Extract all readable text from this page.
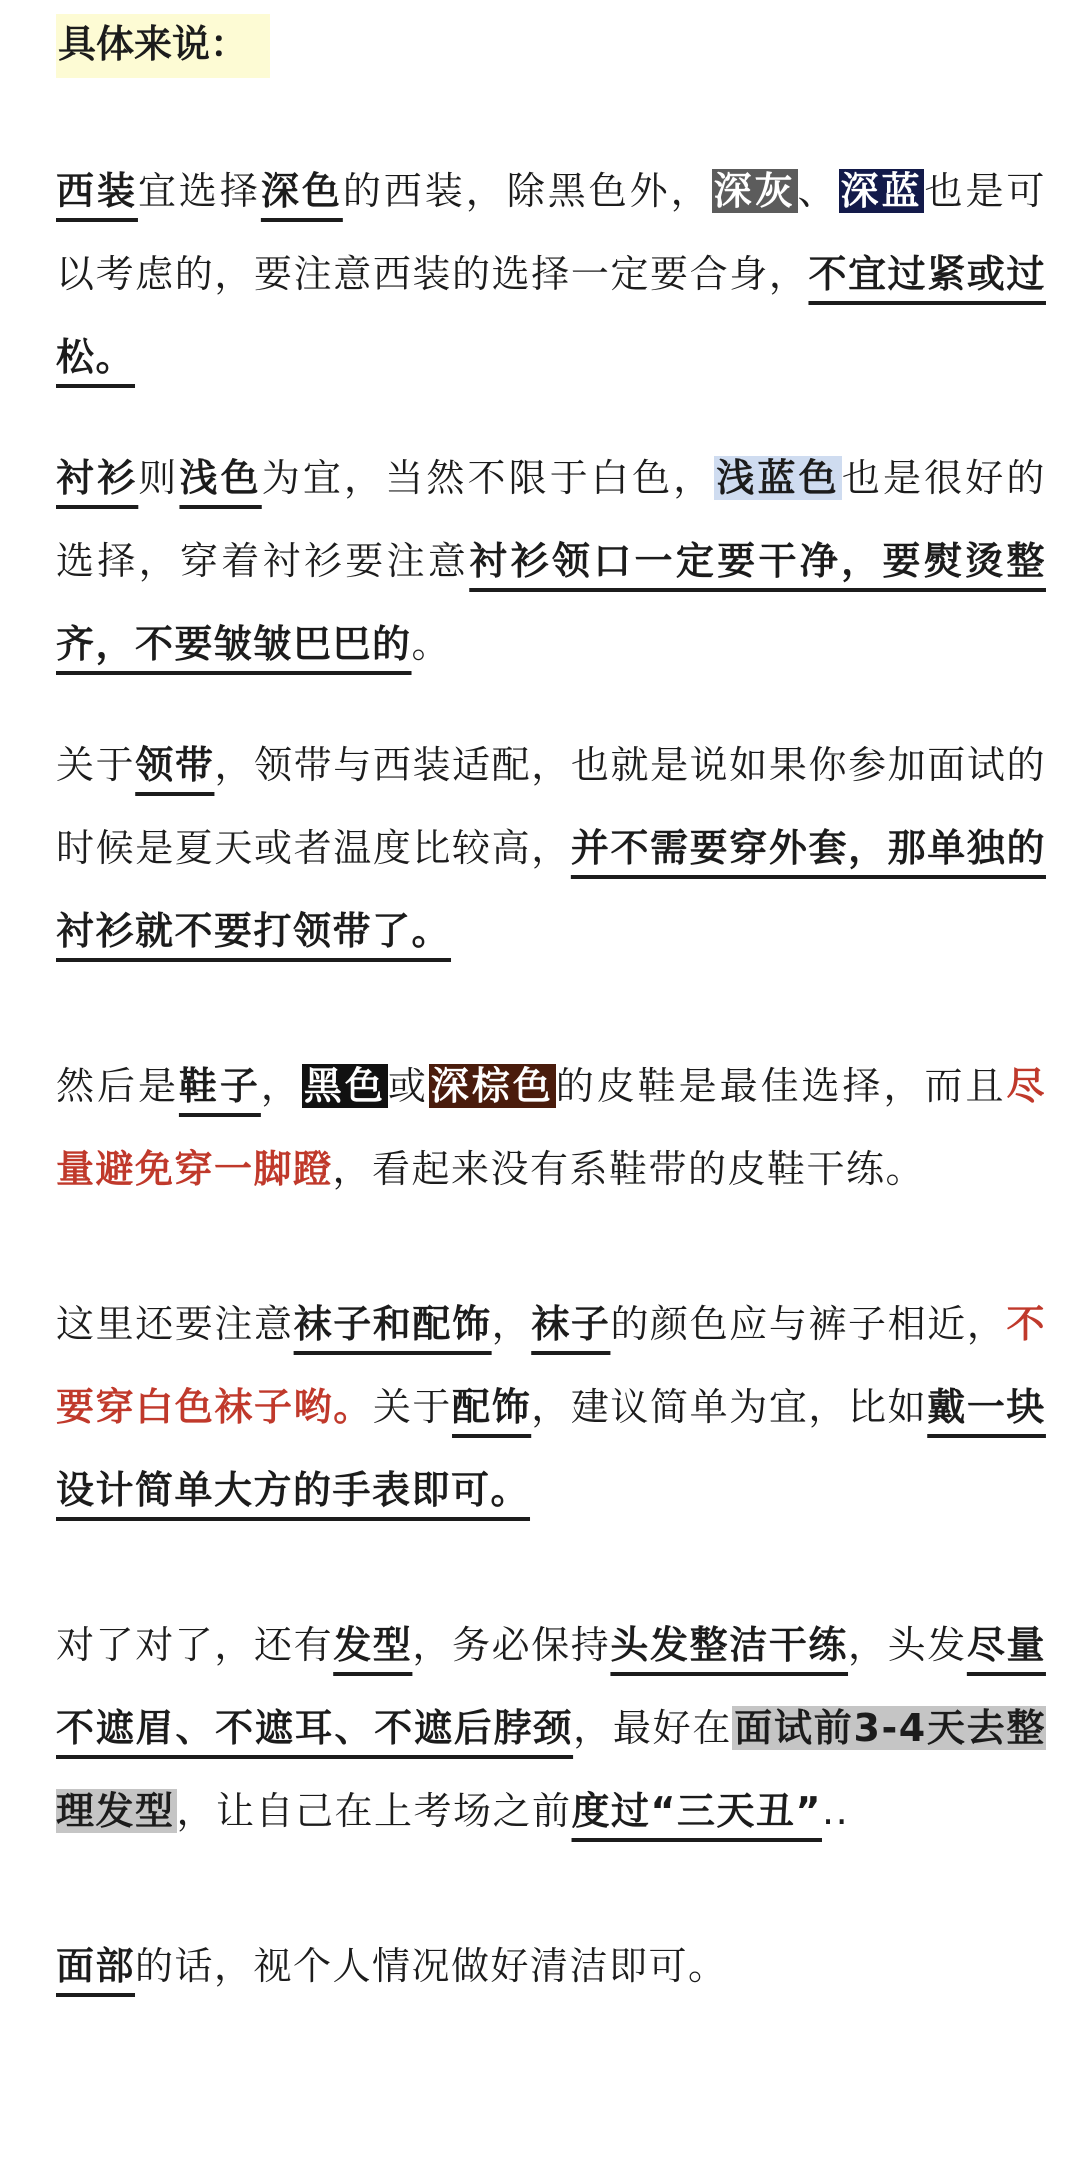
具体来说：

西装宜选择深色的西装，除黑色外，深灰、深蓝也是可以考虑的，要注意西装的选择一定要合身，不宜过紧或过松。

衬衫则浅色为宜，当然不限于白色，浅蓝色也是很好的选择，穿着衬衫要注意衬衫领口一定要干净，要熨烫整齐，不要皱皱巴巴的。

关于领带，领带与西装适配，也就是说如果你参加面试的时候是夏天或者温度比较高，并不需要穿外套，那单独的衬衫就不要打领带了。

然后是鞋子，黑色或深棕色的皮鞋是最佳选择，而且尽量避免穿一脚蹬，看起来没有系鞋带的皮鞋干练。

这里还要注意袜子和配饰，袜子的颜色应与裤子相近，不要穿白色袜子哟。关于配饰，建议简单为宜，比如戴一块设计简单大方的手表即可。

对了对了，还有发型，务必保持头发整洁干练，头发尽量不遮眉、不遮耳、不遮后脖颈，最好在面试前3-4天去整理发型，让自己在上考场之前度过“三天丑”..

面部的话，视个人情况做好清洁即可。
